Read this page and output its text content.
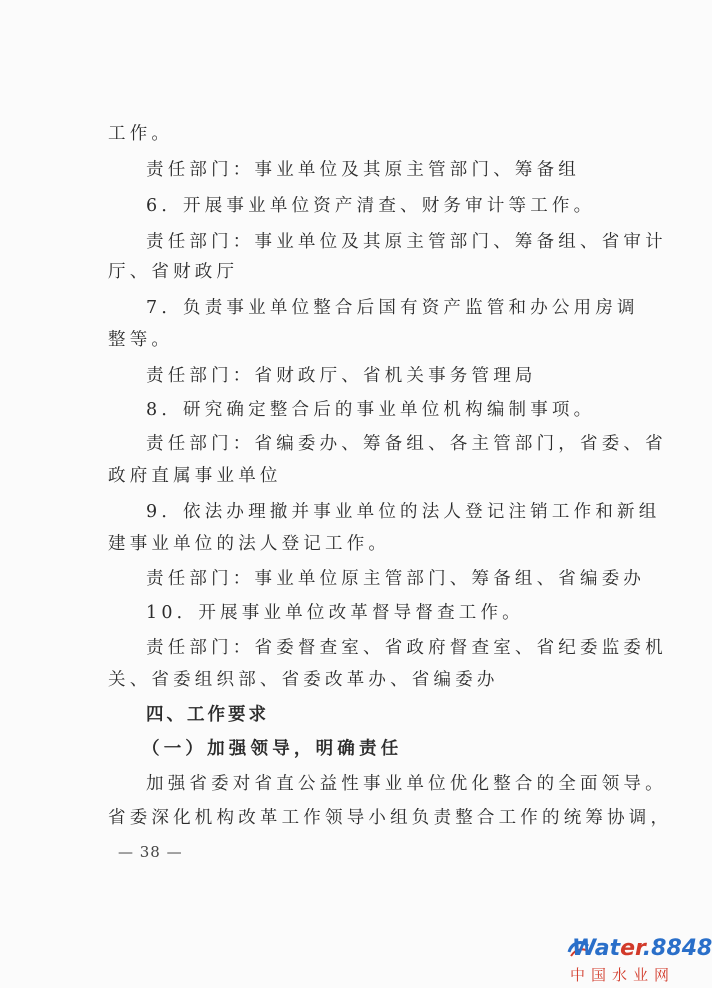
工作。
责任部门：事业单位及其原主管部门、筹备组
6．开展事业单位资产清查、财务审计等工作。
责任部门：事业单位及其原主管部门、筹备组、省审计
厅、省财政厅
7．负责事业单位整合后国有资产监管和办公用房调
整等。
责任部门：省财政厅、省机关事务管理局
8．研究确定整合后的事业单位机构编制事项。
责任部门：省编委办、筹备组、各主管部门，省委、省
政府直属事业单位
9．依法办理撤并事业单位的法人登记注销工作和新组
建事业单位的法人登记工作。
责任部门：事业单位原主管部门、筹备组、省编委办
10．开展事业单位改革督导督查工作。
责任部门：省委督查室、省政府督查室、省纪委监委机
关、省委组织部、省委改革办、省编委办
四、工作要求
（一）加强领导，明确责任
加强省委对省直公益性事业单位优化整合的全面领导。
省委深化机构改革工作领导小组负责整合工作的统筹协调，
— 38 —
Water.8848
中国水业网
